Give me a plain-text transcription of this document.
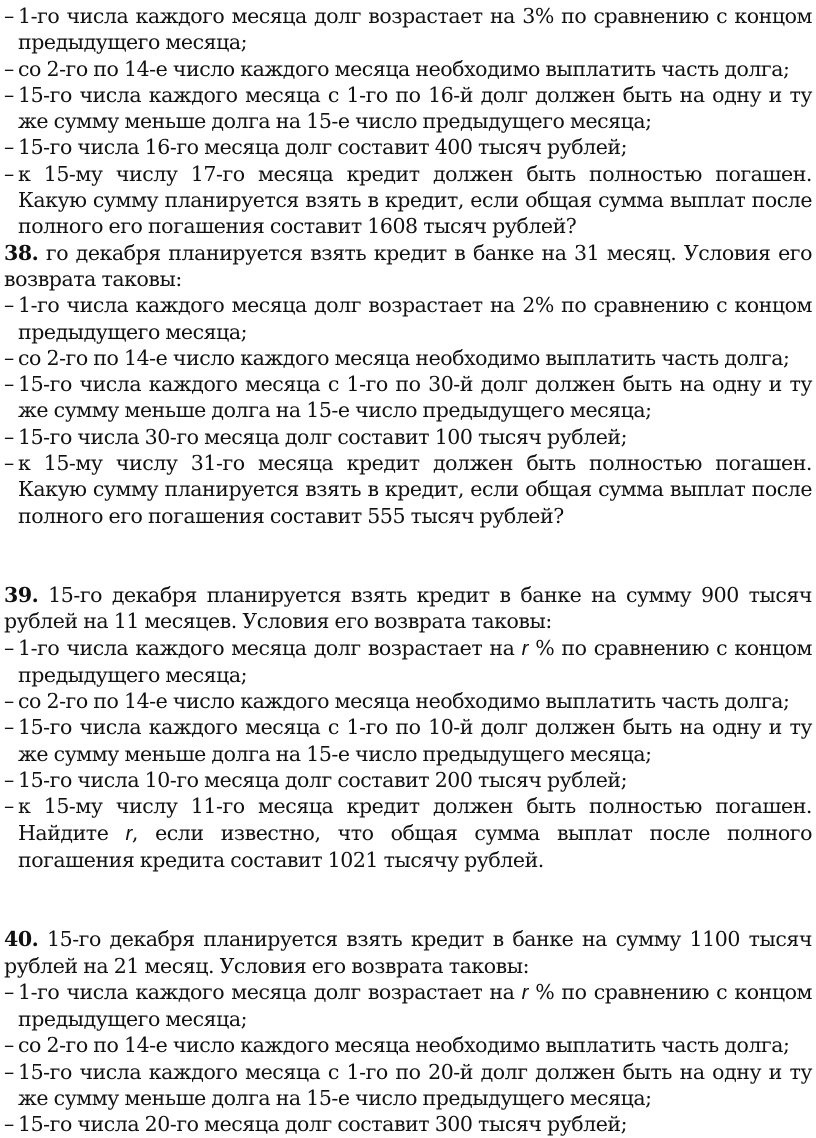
– 1-го числа каждого месяца долг возрастает на 3% по сравнению с концом предыдущего месяца;
– со 2-го по 14-е число каждого месяца необходимо выплатить часть долга;
– 15-го числа каждого месяца с 1-го по 16-й долг должен быть на одну и ту же сумму меньше долга на 15-е число предыдущего месяца;
– 15-го числа 16-го месяца долг составит 400 тысяч рублей;
– к 15-му числу 17-го месяца кредит должен быть полностью погашен. Какую сумму планируется взять в кредит, если общая сумма выплат после полного его погашения составит 1608 тысяч рублей?
38. го декабря планируется взять кредит в банке на 31 месяц. Условия его возврата таковы:
– 1-го числа каждого месяца долг возрастает на 2% по сравнению с концом предыдущего месяца;
– со 2-го по 14-е число каждого месяца необходимо выплатить часть долга;
– 15-го числа каждого месяца с 1-го по 30-й долг должен быть на одну и ту же сумму меньше долга на 15-е число предыдущего месяца;
– 15-го числа 30-го месяца долг составит 100 тысяч рублей;
– к 15-му числу 31-го месяца кредит должен быть полностью погашен. Какую сумму планируется взять в кредит, если общая сумма выплат после полного его погашения составит 555 тысяч рублей?
39. 15-го декабря планируется взять кредит в банке на сумму 900 тысяч рублей на 11 месяцев. Условия его возврата таковы:
– 1-го числа каждого месяца долг возрастает на r % по сравнению с концом предыдущего месяца;
– со 2-го по 14-е число каждого месяца необходимо выплатить часть долга;
– 15-го числа каждого месяца с 1-го по 10-й долг должен быть на одну и ту же сумму меньше долга на 15-е число предыдущего месяца;
– 15-го числа 10-го месяца долг составит 200 тысяч рублей;
– к 15-му числу 11-го месяца кредит должен быть полностью погашен. Найдите r, если известно, что общая сумма выплат после полного погашения кредита составит 1021 тысячу рублей.
40. 15-го декабря планируется взять кредит в банке на сумму 1100 тысяч рублей на 21 месяц. Условия его возврата таковы:
– 1-го числа каждого месяца долг возрастает на r % по сравнению с концом предыдущего месяца;
– со 2-го по 14-е число каждого месяца необходимо выплатить часть долга;
– 15-го числа каждого месяца с 1-го по 20-й долг должен быть на одну и ту же сумму меньше долга на 15-е число предыдущего месяца;
– 15-го числа 20-го месяца долг составит 300 тысяч рублей;
